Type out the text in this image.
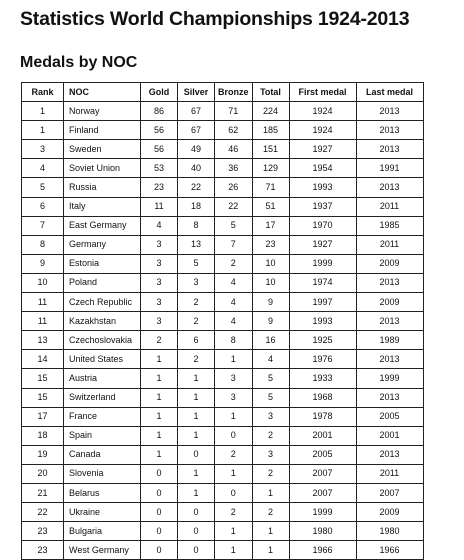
Statistics World Championships 1924-2013
Medals by NOC
Rank	NOC	Gold	Silver	Bronze	Total	First medal	Last medal
1	Norway	86	67	71	224	1924	2013
1	Finland	56	67	62	185	1924	2013
3	Sweden	56	49	46	151	1927	2013
4	Soviet Union	53	40	36	129	1954	1991
5	Russia	23	22	26	71	1993	2013
6	Italy	11	18	22	51	1937	2011
7	East Germany	4	8	5	17	1970	1985
8	Germany	3	13	7	23	1927	2011
9	Estonia	3	5	2	10	1999	2009
10	Poland	3	3	4	10	1974	2013
11	Czech Republic	3	2	4	9	1997	2009
11	Kazakhstan	3	2	4	9	1993	2013
13	Czechoslovakia	2	6	8	16	1925	1989
14	United States	1	2	1	4	1976	2013
15	Austria	1	1	3	5	1933	1999
15	Switzerland	1	1	3	5	1968	2013
17	France	1	1	1	3	1978	2005
18	Spain	1	1	0	2	2001	2001
19	Canada	1	0	2	3	2005	2013
20	Slovenia	0	1	1	2	2007	2011
21	Belarus	0	1	0	1	2007	2007
22	Ukraine	0	0	2	2	1999	2009
23	Bulgaria	0	0	1	1	1980	1980
23	West Germany	0	0	1	1	1966	1966
